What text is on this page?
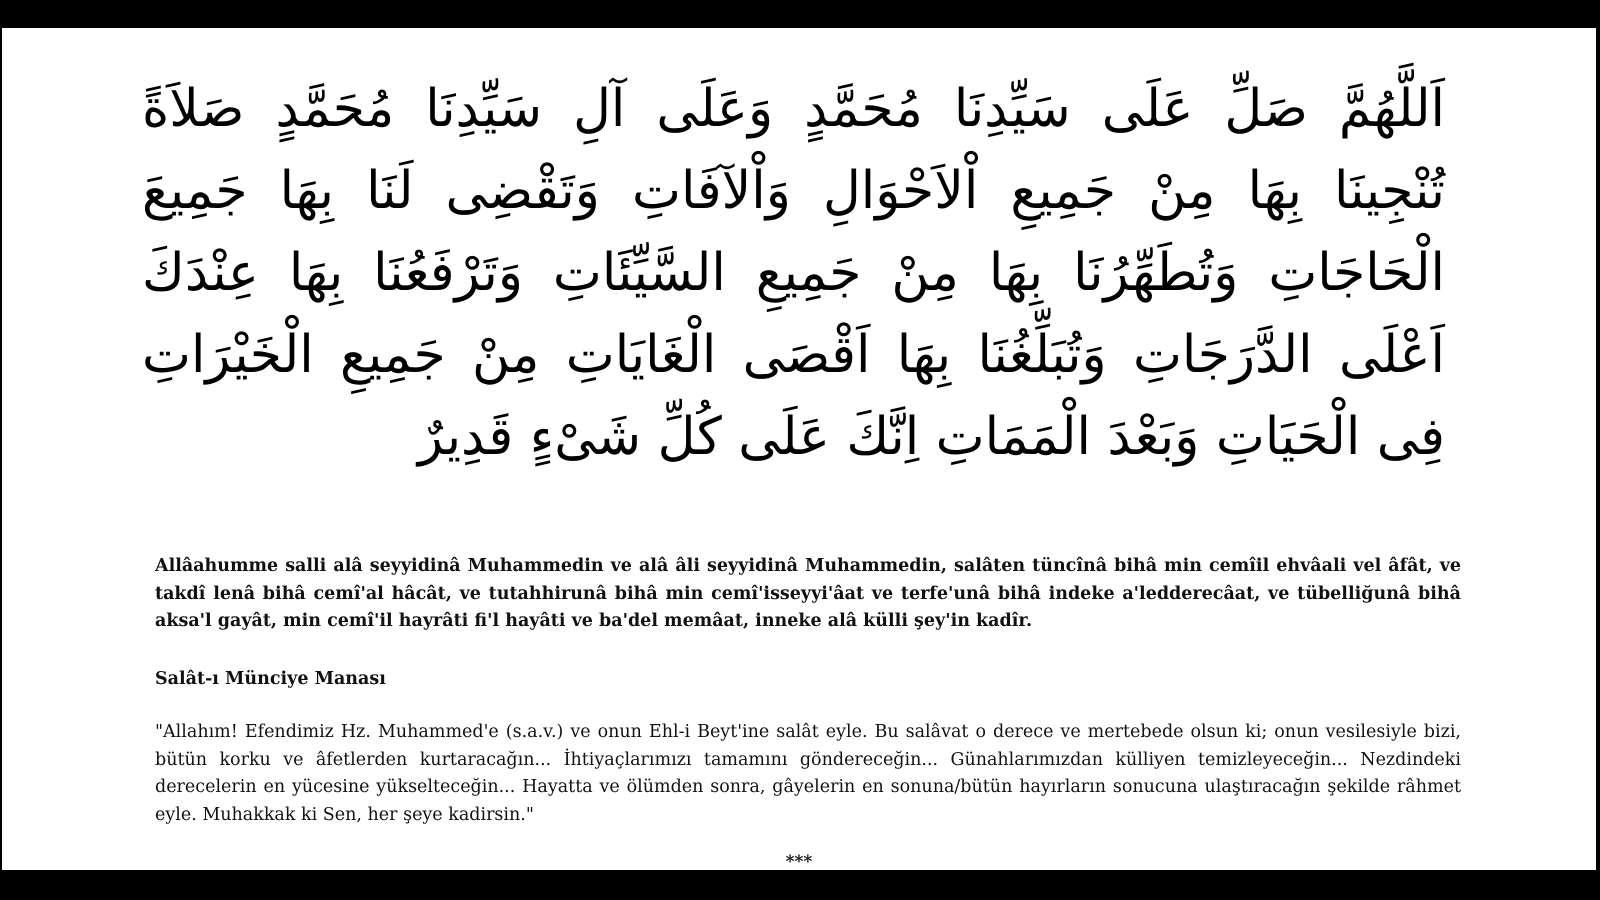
اَللَّهُمَّ صَلِّ عَلَى سَيِّدِنَا مُحَمَّدٍ وَعَلَى آلِ سَيِّدِنَا مُحَمَّدٍ صَلاَةً
تُنْجِينَا بِهَا مِنْ جَمِيعِ اْلاَحْوَالِ وَاْلآفَاتِ وَتَقْضِى لَنَا بِهَا جَمِيعَ
الْحَاجَاتِ وَتُطَهِّرُنَا بِهَا مِنْ جَمِيعِ السَّيِّئَاتِ وَتَرْفَعُنَا بِهَا عِنْدَكَ
اَعْلَى الدَّرَجَاتِ وَتُبَلِّغُنَا بِهَا اَقْصَى الْغَايَاتِ مِنْ جَمِيعِ الْخَيْرَاتِ
فِى الْحَيَاتِ وَبَعْدَ الْمَمَاتِ اِنَّكَ عَلَى كُلِّ شَىْءٍ قَدِيرٌ

Allâahumme salli alâ seyyidinâ Muhammedin ve alâ âli seyyidinâ Muhammedin, salâten tüncînâ bihâ min cemîil ehvâali vel âfât, ve takdî lenâ bihâ cemî'al hâcât, ve tutahhirunâ bihâ min cemî'isseyyi'âat ve terfe'unâ bihâ indeke a'ledderecâat, ve tübelliğunâ bihâ aksa'l gayât, min cemî'il hayrâti fi'l hayâti ve ba'del memâat, inneke alâ külli şey'in kadîr.

Salât-ı Münciye Manası

"Allahım! Efendimiz Hz. Muhammed'e (s.a.v.) ve onun Ehl-i Beyt'ine salât eyle. Bu salâvat o derece ve mertebede olsun ki; onun vesilesiyle bizi, bütün korku ve âfetlerden kurtaracağın... İhtiyaçlarımızı tamamını göndereceğin... Günahlarımızdan külliyen temizleyeceğin... Nezdindeki derecelerin en yücesine yükselteceğin... Hayatta ve ölümden sonra, gâyelerin en sonuna/bütün hayırların sonucuna ulaştıracağın şekilde râhmet eyle. Muhakkak ki Sen, her şeye kadirsin."

***
